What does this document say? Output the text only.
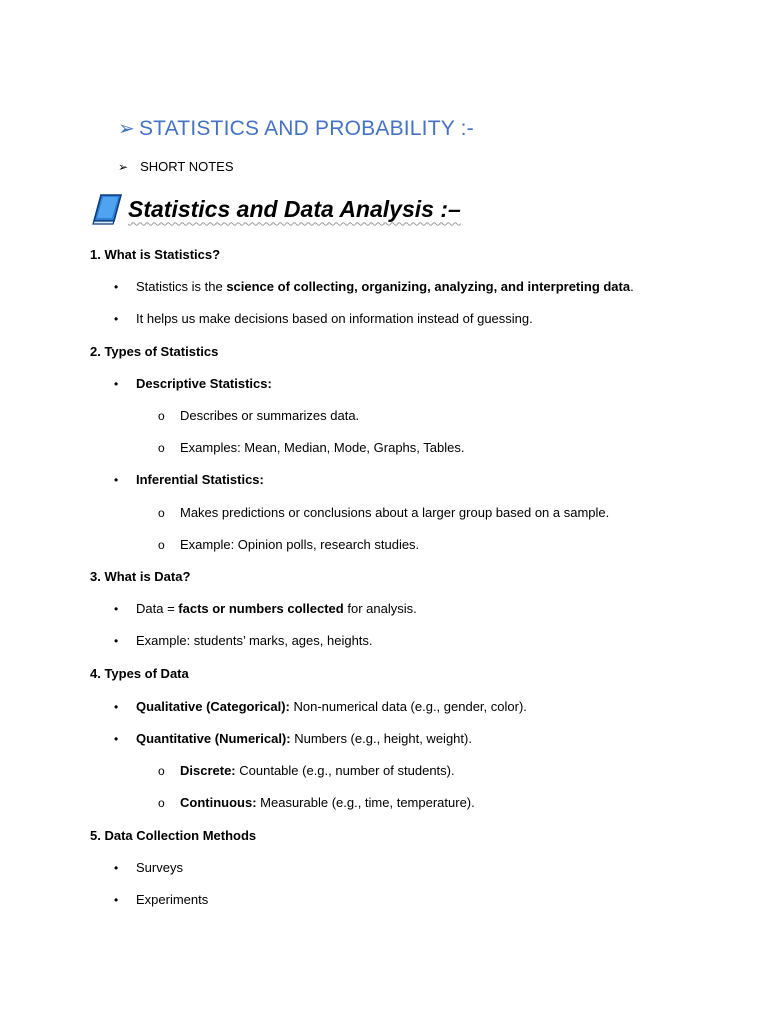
➢ STATISTICS AND PROBABILITY :-
➢ SHORT NOTES
Statistics and Data Analysis :–
1. What is Statistics?
• Statistics is the science of collecting, organizing, analyzing, and interpreting data.
• It helps us make decisions based on information instead of guessing.
2. Types of Statistics
• Descriptive Statistics:
o Describes or summarizes data.
o Examples: Mean, Median, Mode, Graphs, Tables.
• Inferential Statistics:
o Makes predictions or conclusions about a larger group based on a sample.
o Example: Opinion polls, research studies.
3. What is Data?
• Data = facts or numbers collected for analysis.
• Example: students’ marks, ages, heights.
4. Types of Data
• Qualitative (Categorical): Non-numerical data (e.g., gender, color).
• Quantitative (Numerical): Numbers (e.g., height, weight).
o Discrete: Countable (e.g., number of students).
o Continuous: Measurable (e.g., time, temperature).
5. Data Collection Methods
• Surveys
• Experiments
